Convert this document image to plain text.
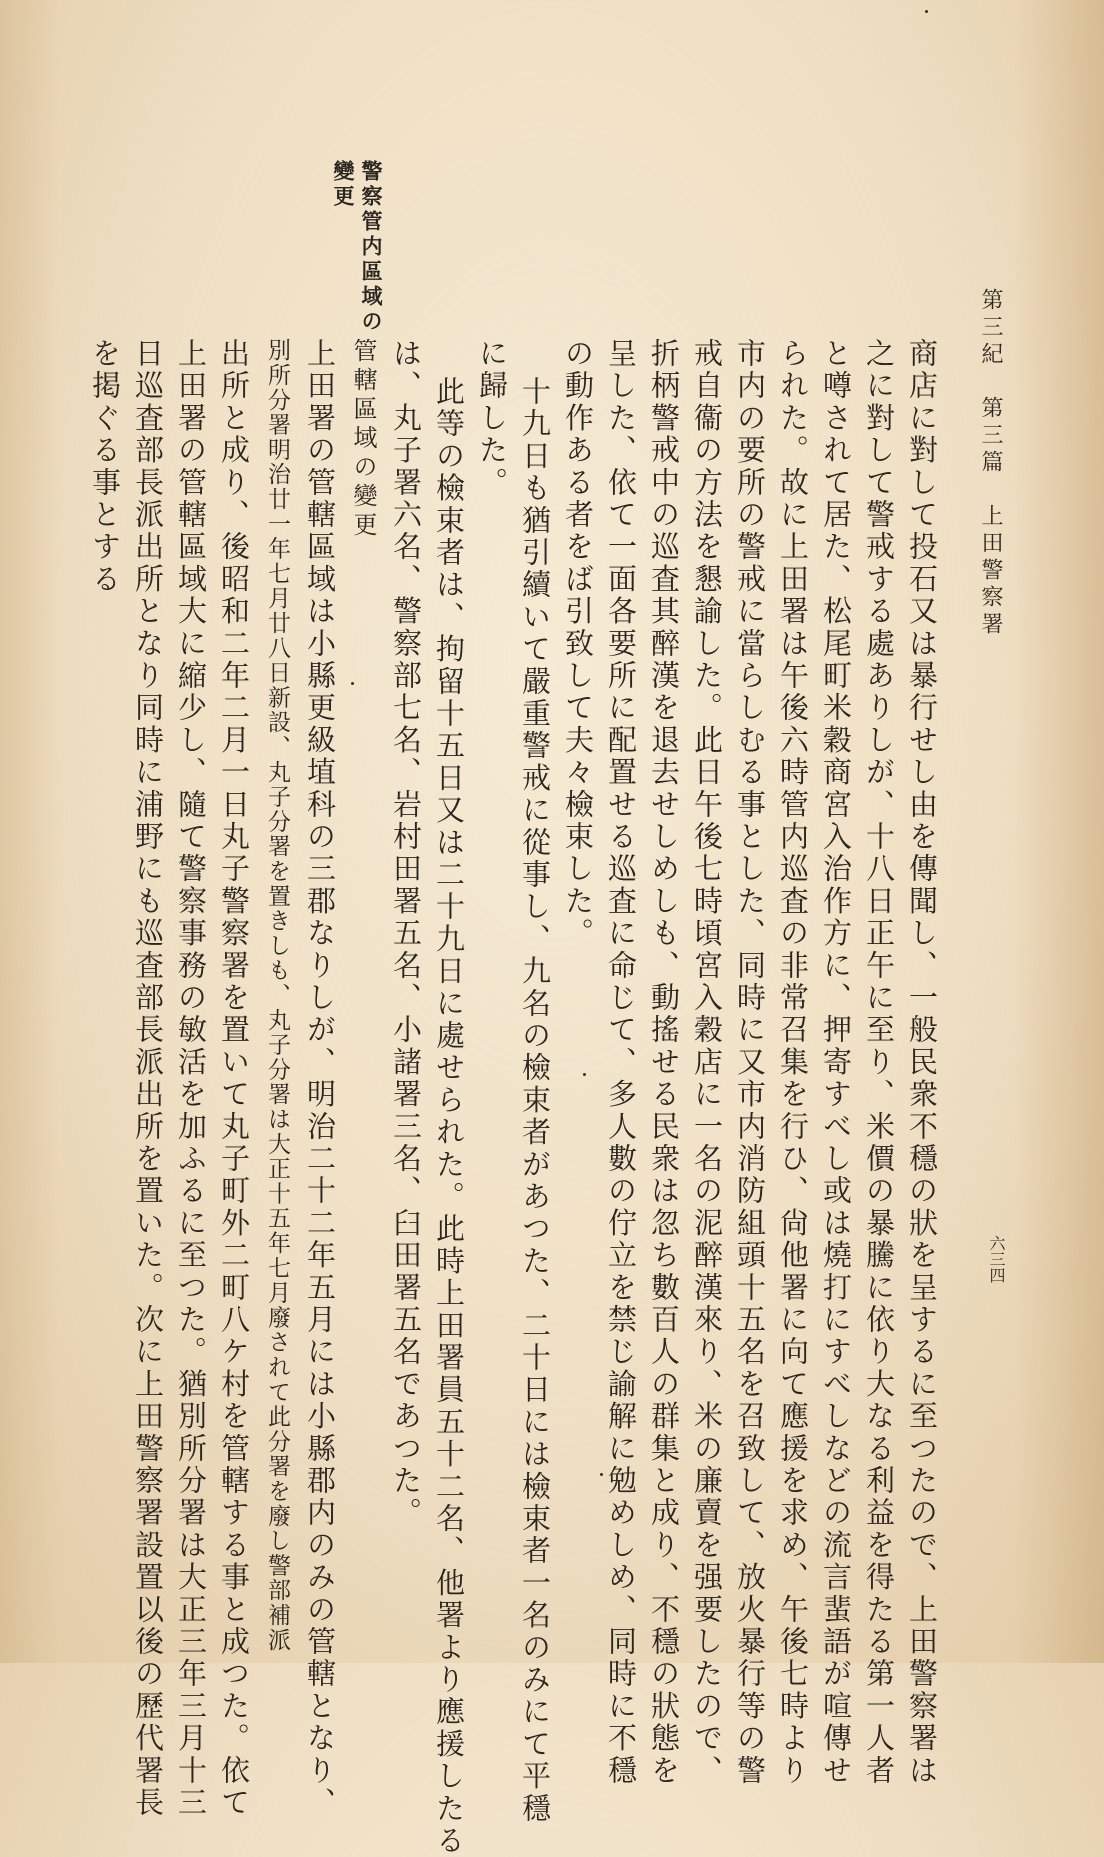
第三紀　第三篇　上田警察署
六三四
警察管内區域の
變更
商店に對して投石又は暴行せし由を傳聞し、一般民衆不穩の狀を呈するに至つたので、上田警察署は
之に對して警戒する處ありしが、十八日正午に至り、米價の暴騰に依り大なる利益を得たる第一人者
と噂されて居た、松尾町米穀商宮入治作方に、押寄すべし或は燒打にすべしなどの流言蜚語が喧傳せ
られた。故に上田署は午後六時管内巡査の非常召集を行ひ、尙他署に向て應援を求め、午後七時より
市内の要所の警戒に當らしむる事とした、同時に又市内消防組頭十五名を召致して、放火暴行等の警
戒自衞の方法を懇諭した。此日午後七時頃宮入穀店に一名の泥醉漢來り、米の廉賣を强要したので、
折柄警戒中の巡査其醉漢を退去せしめしも、動搖せる民衆は忽ち數百人の群集と成り、不穩の狀態を
呈した、依て一面各要所に配置せる巡査に命じて、多人數の佇立を禁じ諭解に勉めしめ、同時に不穩
の動作ある者をば引致して夫々檢束した。
十九日も猶引續いて嚴重警戒に從事し、九名の檢束者があつた、二十日には檢束者一名のみにて平穩
に歸した。
此等の檢束者は、拘留十五日又は二十九日に處せられた。此時上田署員五十二名、他署より應援したる
は、丸子署六名、警察部七名、岩村田署五名、小諸署三名、臼田署五名であつた。
管轄區域の變更
上田署の管轄區域は小縣更級埴科の三郡なりしが、明治二十二年五月には小縣郡内のみの管轄となり、
別所分署明治廿一年七月廿八日新設、丸子分署を置きしも、丸子分署は大正十五年七月廢されて此分署を廢し警部補派
出所と成り、後昭和二年二月一日丸子警察署を置いて丸子町外二町八ケ村を管轄する事と成つた。依て
上田署の管轄區域大に縮少し、隨て警察事務の敏活を加ふるに至つた。猶別所分署は大正三年三月十三
日巡査部長派出所となり同時に浦野にも巡査部長派出所を置いた。次に上田警察署設置以後の歷代署長
を掲ぐる事とする
